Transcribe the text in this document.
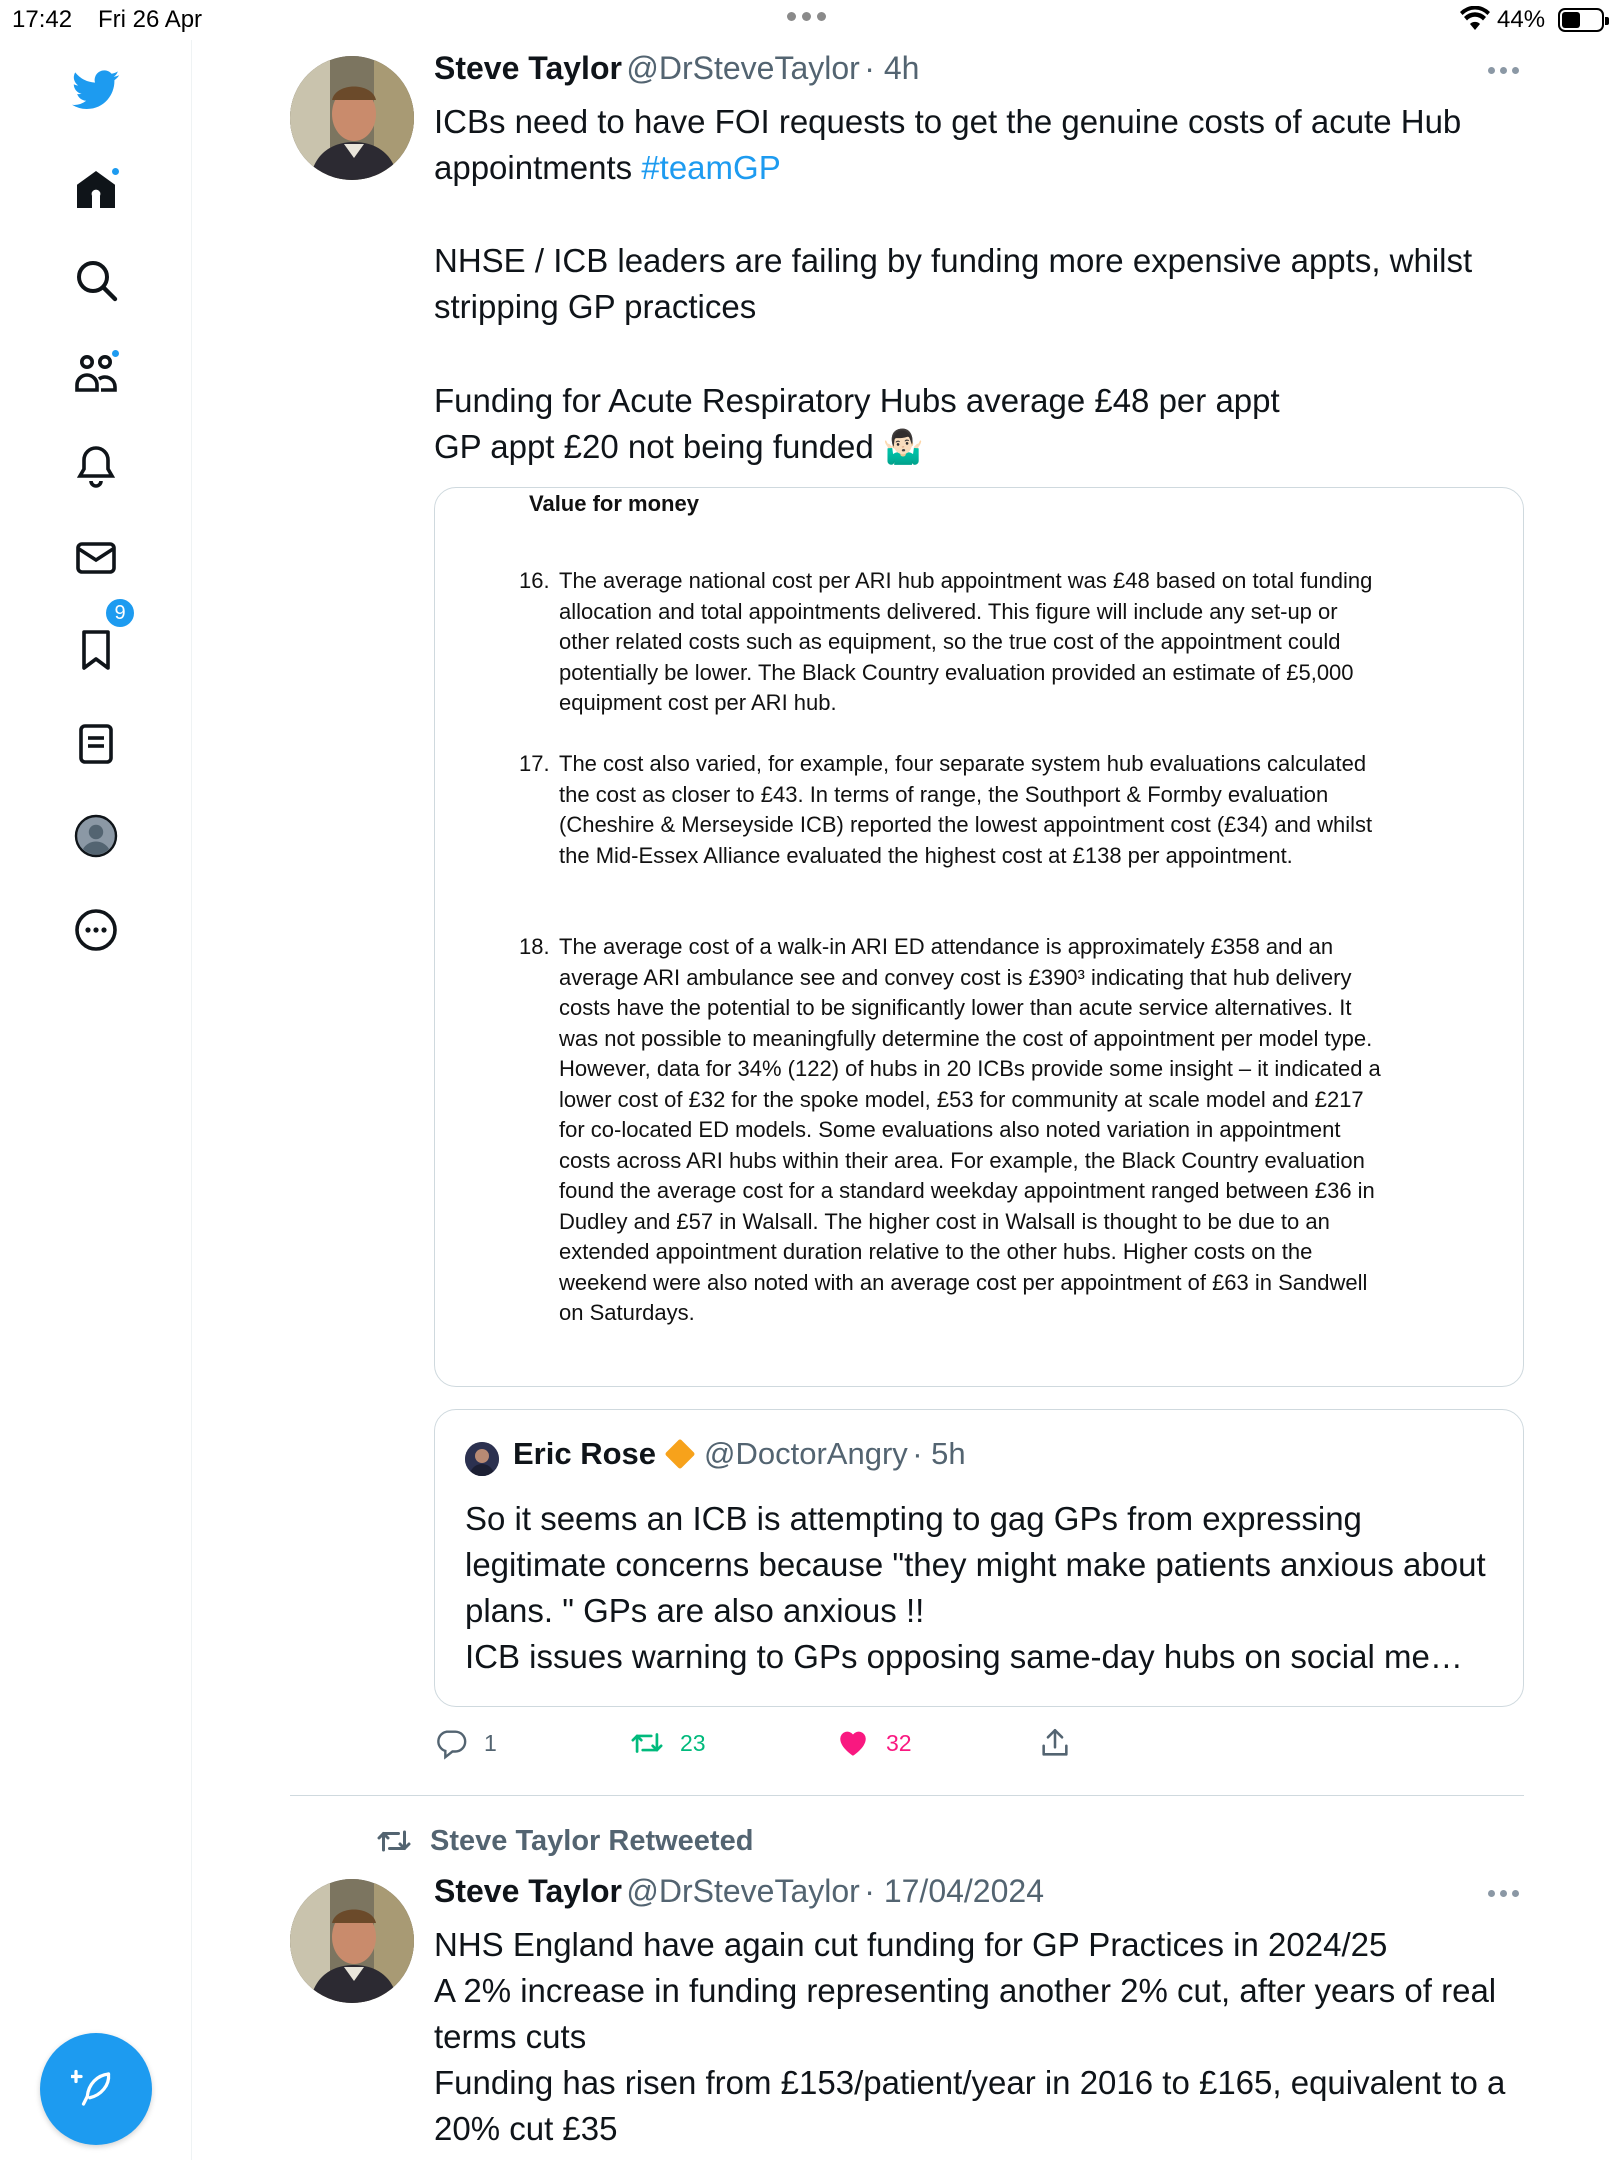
17:42 Fri 26 Apr	44%
9
Steve Taylor @DrSteveTaylor · 4h
ICBs need to have FOI requests to get the genuine costs of acute Hub appointments #teamGP
NHSE / ICB leaders are failing by funding more expensive appts, whilst stripping GP practices
Funding for Acute Respiratory Hubs average £48 per appt
GP appt £20 not being funded 🤷🏻‍♂️
Value for money
16. The average national cost per ARI hub appointment was £48 based on total funding allocation and total appointments delivered. This figure will include any set-up or other related costs such as equipment, so the true cost of the appointment could potentially be lower. The Black Country evaluation provided an estimate of £5,000 equipment cost per ARI hub.
17. The cost also varied, for example, four separate system hub evaluations calculated the cost as closer to £43. In terms of range, the Southport & Formby evaluation (Cheshire & Merseyside ICB) reported the lowest appointment cost (£34) and whilst the Mid-Essex Alliance evaluated the highest cost at £138 per appointment.
18. The average cost of a walk-in ARI ED attendance is approximately £358 and an average ARI ambulance see and convey cost is £390³ indicating that hub delivery costs have the potential to be significantly lower than acute service alternatives. It was not possible to meaningfully determine the cost of appointment per model type. However, data for 34% (122) of hubs in 20 ICBs provide some insight – it indicated a lower cost of £32 for the spoke model, £53 for community at scale model and £217 for co-located ED models. Some evaluations also noted variation in appointment costs across ARI hubs within their area. For example, the Black Country evaluation found the average cost for a standard weekday appointment ranged between £36 in Dudley and £57 in Walsall. The higher cost in Walsall is thought to be due to an extended appointment duration relative to the other hubs. Higher costs on the weekend were also noted with an average cost per appointment of £63 in Sandwell on Saturdays.
Eric Rose @DoctorAngry · 5h
So it seems an ICB is attempting to gag GPs from expressing legitimate concerns because "they might make patients anxious about plans. " GPs are also anxious !!
ICB issues warning to GPs opposing same-day hubs on social me…
1	23	32
Steve Taylor Retweeted
Steve Taylor @DrSteveTaylor · 17/04/2024
NHS England have again cut funding for GP Practices in 2024/25
A 2% increase in funding representing another 2% cut, after years of real terms cuts
Funding has risen from £153/patient/year in 2016 to £165, equivalent to a 20% cut £35
